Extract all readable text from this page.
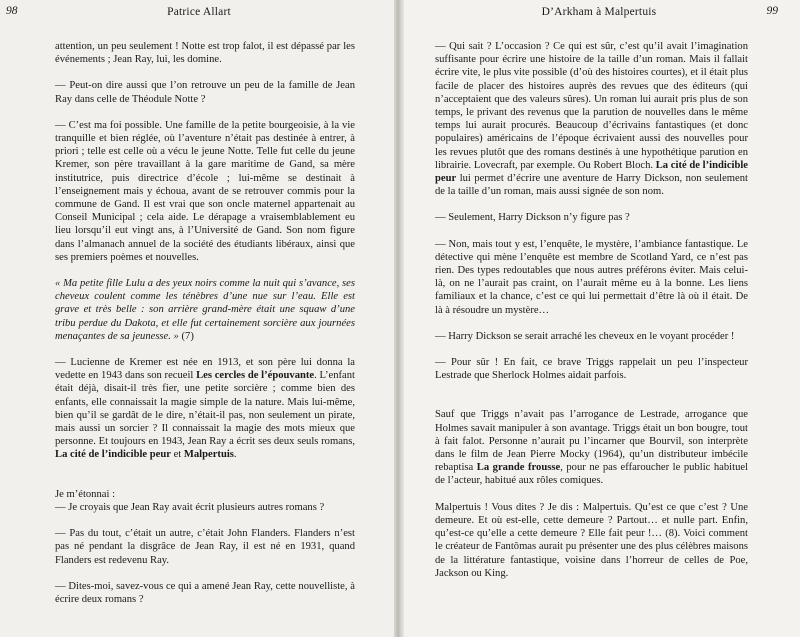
98	Patrice Allart

attention, un peu seulement ! Notte est trop falot, il est dépassé par les événements ; Jean Ray, lui, les domine.

— Peut-on dire aussi que l’on retrouve un peu de la famille de Jean Ray dans celle de Théodule Notte ?

— C’est ma foi possible. Une famille de la petite bourgeoisie, à la vie tranquille et bien réglée, où l’aventure n’était pas destinée à entrer, à priori ; telle est celle où a vécu le jeune Notte. Telle fut celle du jeune Kremer, son père travaillant à la gare maritime de Gand, sa mère institutrice, puis directrice d’école ; lui-même se destinait à l’enseignement mais y échoua, avant de se retrouver commis pour la commune de Gand. Il est vrai que son oncle maternel appartenait au Conseil Municipal ; cela aide. Le dérapage a vraisemblablement eu lieu lorsqu’il eut vingt ans, à l’Université de Gand. Son nom figure dans l’almanach annuel de la société des étudiants libéraux, ainsi que ses premiers poèmes et nouvelles.

« Ma petite fille Lulu a des yeux noirs comme la nuit qui s’avance, ses cheveux coulent comme les ténèbres d’une nue sur l’eau. Elle est grave et très belle : son arrière grand-mère était une squaw d’une tribu perdue du Dakota, et elle fut certainement sorcière aux journées menaçantes de sa jeunesse. » (7)

— Lucienne de Kremer est née en 1913, et son père lui donna la vedette en 1943 dans son recueil Les cercles de l’épouvante. L’enfant était déjà, disait-il très fier, une petite sorcière ; comme bien des enfants, elle connaissait la magie simple de la nature. Mais lui-même, bien qu’il se gardât de le dire, n’était-il pas, non seulement un pirate, mais aussi un sorcier ? Il connaissait la magie des mots mieux que personne. Et toujours en 1943, Jean Ray a écrit ses deux seuls romans, La cité de l’indicible peur et Malpertuis.

Je m’étonnai :

— Je croyais que Jean Ray avait écrit plusieurs autres romans ?

— Pas du tout, c’était un autre, c’était John Flanders. Flanders n’est pas né pendant la disgrâce de Jean Ray, il est né en 1931, quand Flanders est redevenu Ray.

— Dites-moi, savez-vous ce qui a amené Jean Ray, cette nouvelliste, à écrire deux romans ?

D’Arkham à Malpertuis	99

— Qui sait ? L’occasion ? Ce qui est sûr, c’est qu’il avait l’imagination suffisante pour écrire une histoire de la taille d’un roman. Mais il fallait écrire vite, le plus vite possible (d’où des histoires courtes), et il était plus facile de placer des histoires auprès des revues que des éditeurs (qui n’acceptaient que des valeurs sûres). Un roman lui aurait pris plus de son temps, le privant des revenus que la parution de nouvelles dans le même temps lui aurait procurés. Beaucoup d’écrivains fantastiques (et donc populaires) américains de l’époque écrivaient aussi des nouvelles pour les revues plutôt que des romans destinés à une hypothétique parution en librairie. Lovecraft, par exemple. Ou Robert Bloch. La cité de l’indicible peur lui permet d’écrire une aventure de Harry Dickson, non seulement de la taille d’un roman, mais aussi signée de son nom.

— Seulement, Harry Dickson n’y figure pas ?

— Non, mais tout y est, l’enquête, le mystère, l’ambiance fantastique. Le détective qui mène l’enquête est membre de Scotland Yard, ce n’est pas rien. Des types redoutables que nous autres préférons éviter. Mais celui-là, on ne l’aurait pas craint, on l’aurait même eu à la bonne. Les liens familiaux et la chance, c’est ce qui lui permettait d’être là où il était. De là à résoudre un mystère…

— Harry Dickson se serait arraché les cheveux en le voyant procéder !

— Pour sûr ! En fait, ce brave Triggs rappelait un peu l’inspecteur Lestrade que Sherlock Holmes aidait parfois.

Sauf que Triggs n’avait pas l’arrogance de Lestrade, arrogance que Holmes savait manipuler à son avantage. Triggs était un bon bougre, tout à fait falot. Personne n’aurait pu l’incarner que Bourvil, son interprète dans le film de Jean Pierre Mocky (1964), qu’un distributeur imbécile rebaptisa La grande frousse, pour ne pas effaroucher le public habituel de l’acteur, habitué aux rôles comiques.

Malpertuis ! Vous dites ? Je dis : Malpertuis. Qu’est ce que c’est ? Une demeure. Et où est-elle, cette demeure ? Partout… et nulle part. Enfin, qu’est-ce qu’elle a cette demeure ? Elle fait peur !… (8). Voici comment le créateur de Fantômas aurait pu présenter une des plus célèbres maisons de la littérature fantastique, voisine dans l’horreur de celles de Poe, Jackson ou King.
